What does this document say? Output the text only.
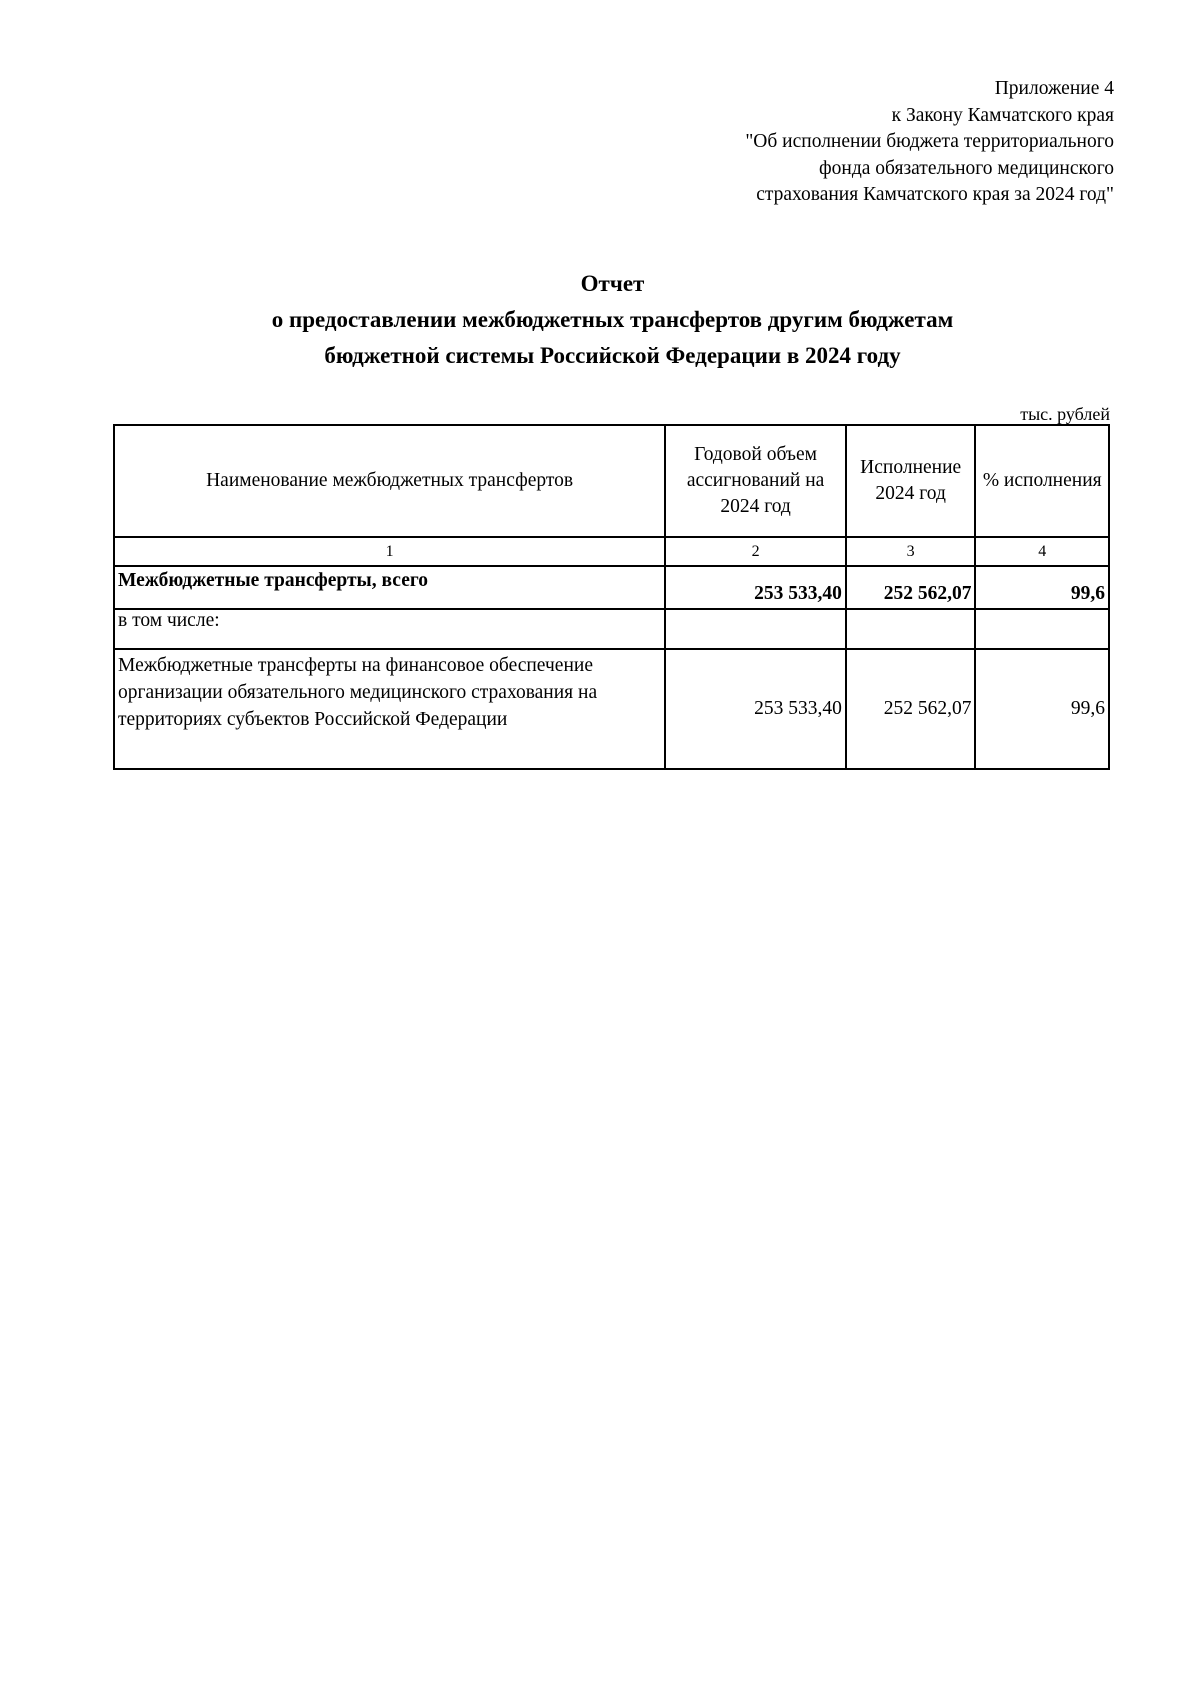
Приложение 4
к Закону Камчатского края
"Об исполнении бюджета территориального
фонда обязательного медицинского
страхования Камчатского края за 2024 год"
Отчет
о предоставлении межбюджетных трансфертов другим бюджетам
бюджетной системы Российской Федерации в 2024 году
тыс. рублей
Наименование межбюджетных трансфертов	Годовой объем ассигнований на 2024 год	Исполнение 2024 год	% исполнения
1	2	3	4
Межбюджетные трансферты, всего	253 533,40	252 562,07	99,6
в том числе:			
Межбюджетные трансферты на финансовое обеспечение организации обязательного медицинского страхования на территориях субъектов Российской Федерации	253 533,40	252 562,07	99,6
